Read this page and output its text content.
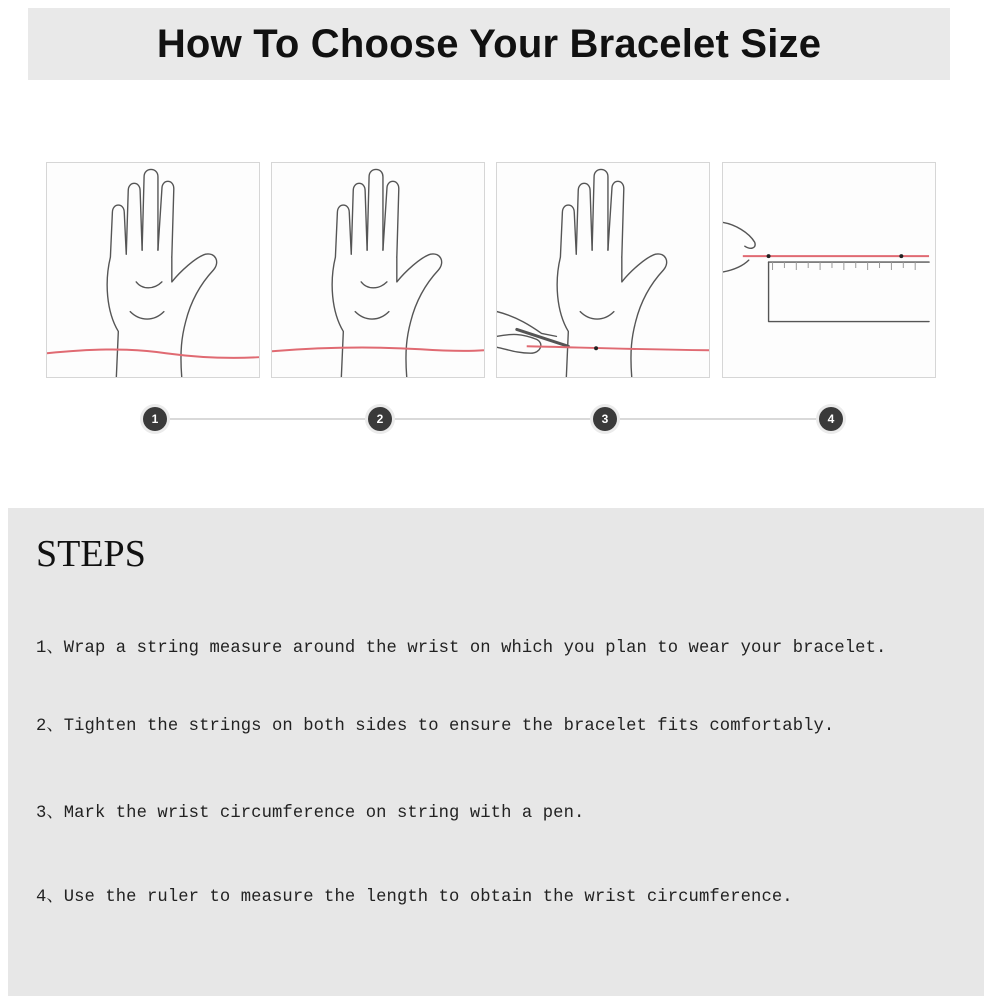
How To Choose Your Bracelet Size
1	2	3	4
STEPS

1、Wrap a string measure around the wrist on which you plan to wear your bracelet.

2、Tighten the strings on both sides to ensure the bracelet fits comfortably.

3、Mark the wrist circumference on string with a pen.

4、Use the ruler to measure the length to obtain the wrist circumference.
